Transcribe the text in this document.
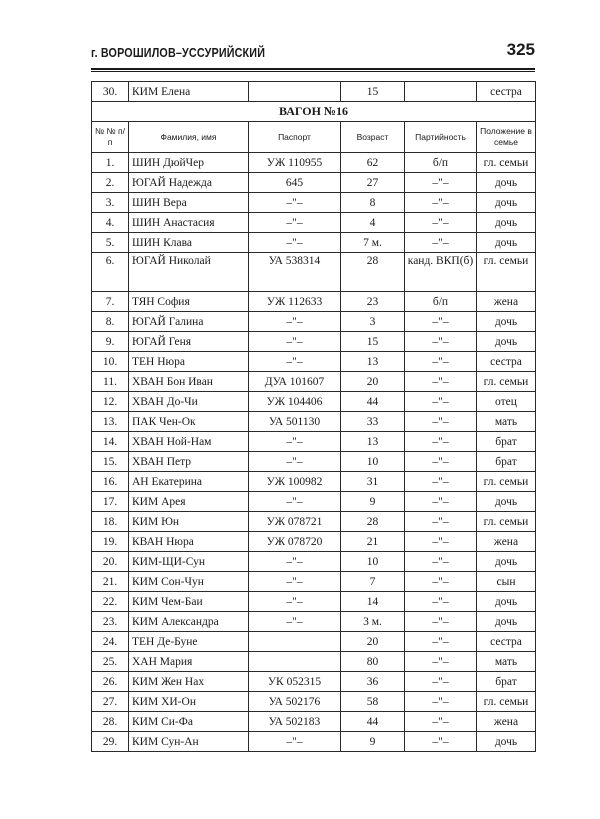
г. ВОРОШИЛОВ–УССУРИЙСКИЙ	325
30.	КИМ Елена		15		сестра
ВАГОН №16					
№ № п/п	Фамилия, имя	Паспорт	Возраст	Партийность	Положение в семье
1.	ШИН ДюйЧер	УЖ 110955	62	б/п	гл. семьи
2.	ЮГАЙ Надежда	645	27	–"–	дочь
3.	ШИН Вера	–"–	8	–"–	дочь
4.	ШИН Анастасия	–"–	4	–"–	дочь
5.	ШИН Клава	–"–	7 м.	–"–	дочь
6.	ЮГАЙ Николай	УА 538314	28	канд. ВКП(б)	гл. семьи
7.	ТЯН София	УЖ 112633	23	б/п	жена
8.	ЮГАЙ Галина	–"–	3	–"–	дочь
9.	ЮГАЙ Геня	–"–	15	–"–	дочь
10.	ТЕН Нюра	–"–	13	–"–	сестра
11.	ХВАН Бон Иван	ДУА 101607	20	–"–	гл. семьи
12.	ХВАН До-Чи	УЖ 104406	44	–"–	отец
13.	ПАК Чен-Ок	УА 501130	33	–"–	мать
14.	ХВАН Ной-Нам	–"–	13	–"–	брат
15.	ХВАН Петр	–"–	10	–"–	брат
16.	АН Екатерина	УЖ 100982	31	–"–	гл. семьи
17.	КИМ Арея	–"–	9	–"–	дочь
18.	КИМ Юн	УЖ 078721	28	–"–	гл. семьи
19.	КВАН Нюра	УЖ 078720	21	–"–	жена
20.	КИМ-ЩИ-Сун	–"–	10	–"–	дочь
21.	КИМ Сон-Чун	–"–	7	–"–	сын
22.	КИМ Чем-Баи	–"–	14	–"–	дочь
23.	КИМ Александра	–"–	3 м.	–"–	дочь
24.	ТЕН Де-Буне		20	–"–	сестра
25.	ХАН Мария		80	–"–	мать
26.	КИМ Жен Нах	УК 052315	36	–"–	брат
27.	КИМ ХИ-Он	УА 502176	58	–"–	гл. семьи
28.	КИМ Си-Фа	УА 502183	44	–"–	жена
29.	КИМ Сун-Ан	–"–	9	–"–	дочь
